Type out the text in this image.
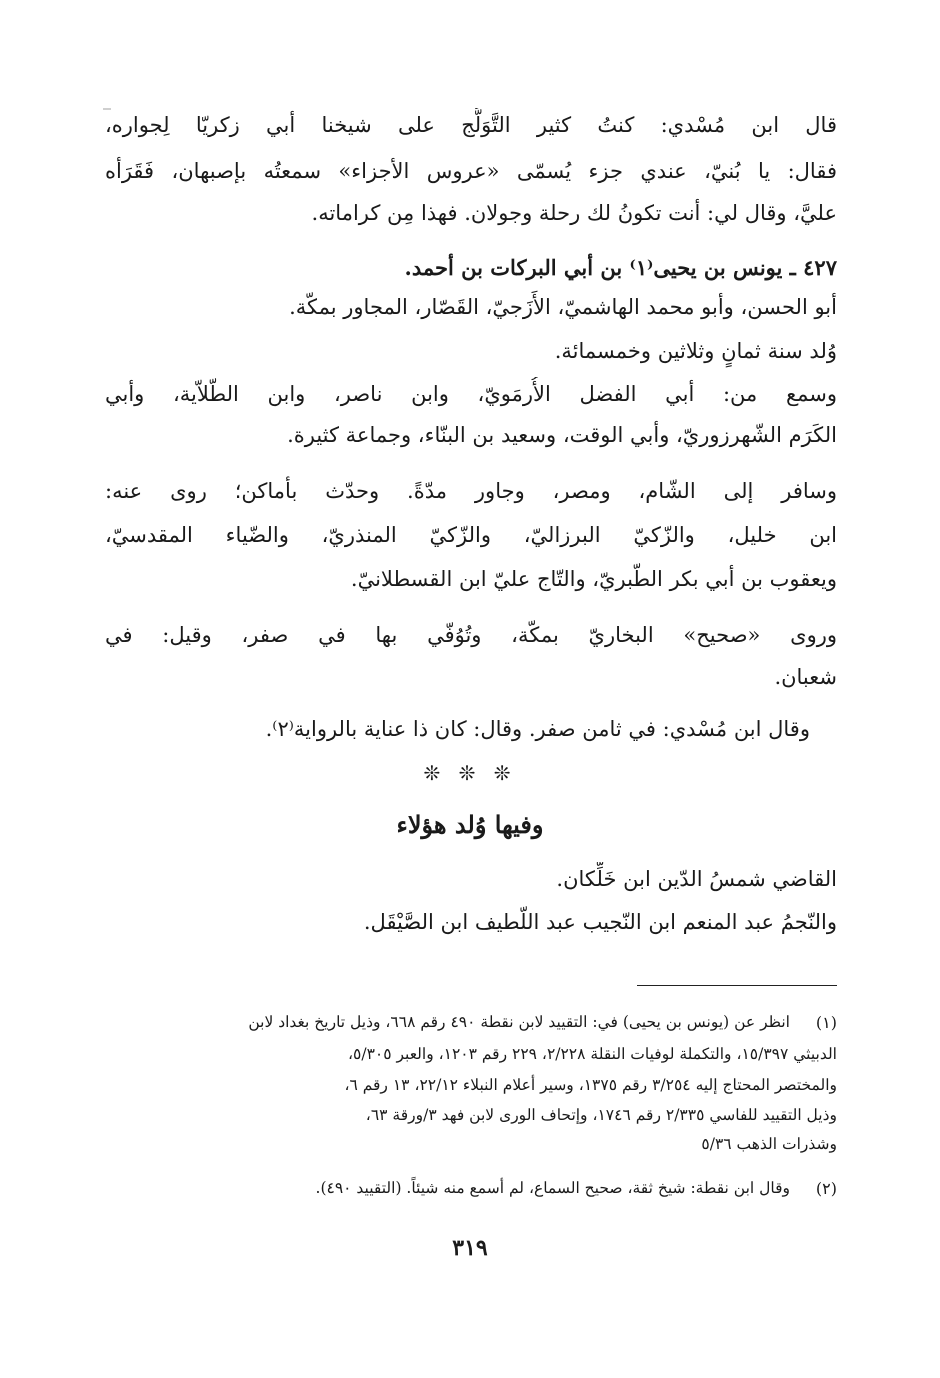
قال ابن مُسْدي: كنتُ كثير التَّوَلُّج على شيخنا أبي زكريّا لِجواره،
فقال: يا بُنيّ، عندي جزء يُسمّى «عروس الأجزاء» سمعتُه بإصبهان، فَقَرَأه
عليَّ، وقال لي: أنت تكونُ لك رحلة وجولان. فهذا مِن كراماته.
٤٢٧ ـ يونس بن يحيى⁽١⁾ بن أبي البركات بن أحمد.
أبو الحسن، وأبو محمد الهاشميّ، الأَزَجيّ، القَصّار، المجاور بمكّة.
وُلد سنة ثمانٍ وثلاثين وخمسمائة.
وسمع من: أبي الفضل الأُرمَويّ، وابن ناصر، وابن الطّلاّية، وأبي
الكَرَم الشّهرزوريّ، وأبي الوقت، وسعيد بن البنّاء، وجماعة كثيرة.
وسافر إلى الشّام، ومصر، وجاور مدّةً. وحدّث بأماكن؛ روى عنه:
ابن خليل، والزّكيّ البرزاليّ، والزّكيّ المنذريّ، والضّياء المقدسيّ،
ويعقوب بن أبي بكر الطّبريّ، والتّاج عليّ ابن القسطلانيّ.
وروى «صحيح» البخاريّ بمكّة، وتُوُفّي بها في صفر، وقيل: في
شعبان.
وقال ابن مُسْدي: في ثامن صفر. وقال: كان ذا عناية بالرواية⁽٢⁾.
❊ ❊ ❊
وفيها وُلد هؤلاء
القاضي شمسُ الدّين ابن خَلِّكان.
والنّجمُ عبد المنعم ابن النّجيب عبد اللّطيف ابن الصَّيْقَل.
(١)
انظر عن (يونس بن يحيى) في: التقييد لابن نقطة ٤٩٠ رقم ٦٦٨، وذيل تاريخ بغداد لابن
الدبيثي ١٥/٣٩٧، والتكملة لوفيات النقلة ٢/٢٢٨، ٢٢٩ رقم ١٢٠٣، والعبر ٥/٣٠٥،
والمختصر المحتاج إليه ٣/٢٥٤ رقم ١٣٧٥، وسير أعلام النبلاء ٢٢/١٢، ١٣ رقم ٦،
وذيل التقييد للفاسي ٢/٣٣٥ رقم ١٧٤٦، وإتحاف الورى لابن فهد ٣/ورقة ٦٣،
وشذرات الذهب ٥/٣٦
(٢)
وقال ابن نقطة: شيخ ثقة، صحيح السماع، لم أسمع منه شيئاً. (التقييد ٤٩٠).
٣١٩
